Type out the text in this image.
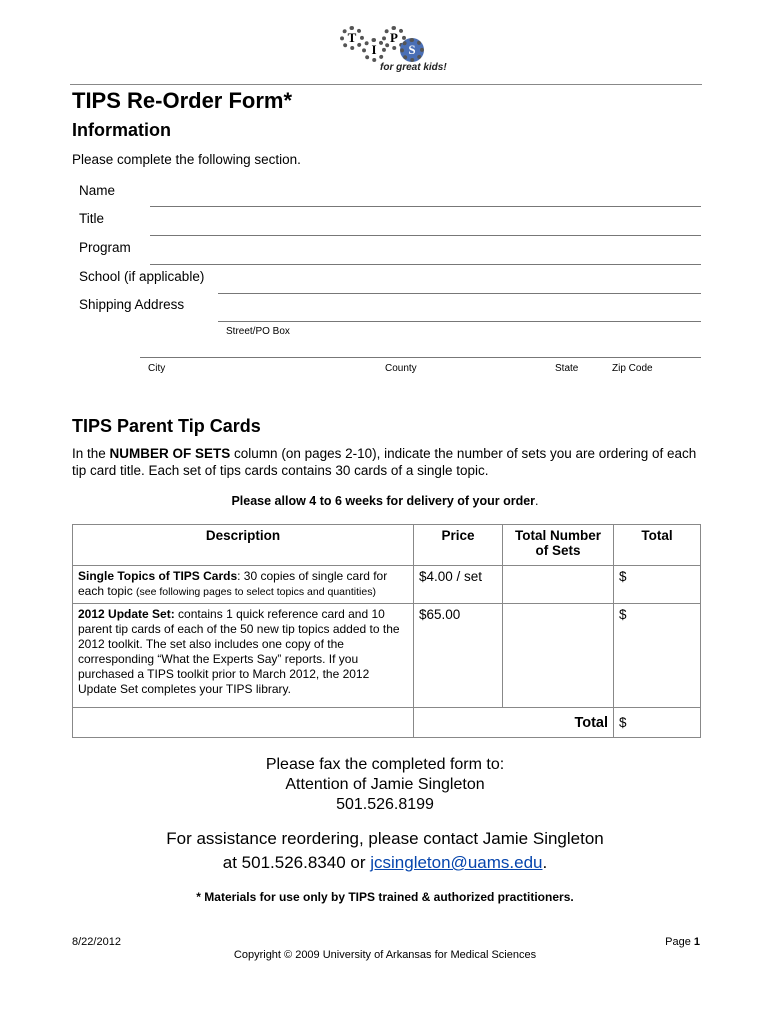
T
I
P
S
for great kids!
TIPS Re-Order Form*
Information
Please complete the following section.
Name
Title
Program
School (if applicable)
Shipping Address
Street/PO Box
City	County	State	Zip Code
TIPS Parent Tip Cards
In the NUMBER OF SETS column (on pages 2-10), indicate the number of sets you are ordering of each tip card title. Each set of tips cards contains 30 cards of a single topic.
Please allow 4 to 6 weeks for delivery of your order.
Description	Price	Total Number of Sets	Total
Single Topics of TIPS Cards: 30 copies of single card for each topic (see following pages to select topics and quantities)	$4.00 / set		$
2012 Update Set: contains 1 quick reference card and 10 parent tip cards of each of the 50 new tip topics added to the 2012 toolkit. The set also includes one copy of the corresponding “What the Experts Say” reports. If you purchased a TIPS toolkit prior to March 2012, the 2012 Update Set completes your TIPS library.	$65.00		$
	Total		$
Please fax the completed form to:
Attention of Jamie Singleton
501.526.8199
For assistance reordering, please contact Jamie Singleton
at 501.526.8340 or jcsingleton@uams.edu.
* Materials for use only by TIPS trained & authorized practitioners.
8/22/2012	Page 1
Copyright © 2009 University of Arkansas for Medical Sciences
